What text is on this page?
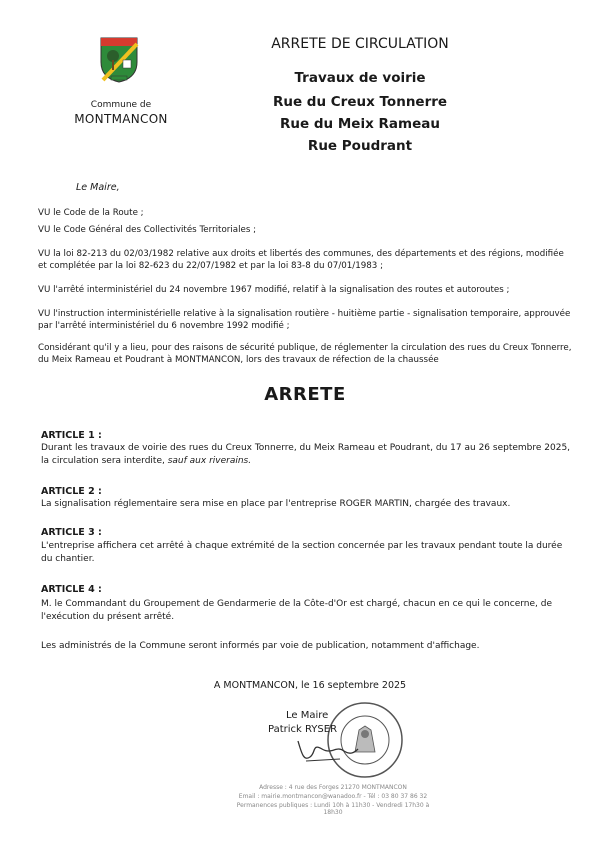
Commune de
MONTMANCON
ARRETE DE CIRCULATION
Travaux de voirie
Rue du Creux Tonnerre
Rue du Meix Rameau
Rue Poudrant
Le Maire,
VU le Code de la Route ;
VU le Code Général des Collectivités Territoriales ;
VU la loi 82-213 du 02/03/1982 relative aux droits et libertés des communes, des départements et des régions, modifiée et complétée par la loi 82-623 du 22/07/1982 et par la loi 83-8 du 07/01/1983 ;
VU l'arrêté interministériel du 24 novembre 1967 modifié, relatif à la signalisation des routes et autoroutes ;
VU l'instruction interministérielle relative à la signalisation routière - huitième partie - signalisation temporaire, approuvée par l'arrêté interministériel du 6 novembre 1992 modifié ;
Considérant qu'il y a lieu, pour des raisons de sécurité publique, de réglementer la circulation des rues du Creux Tonnerre, du Meix Rameau et Poudrant à MONTMANCON, lors des travaux de réfection de la chaussée
ARRETE
ARTICLE 1 :
Durant les travaux de voirie des rues du Creux Tonnerre, du Meix Rameau et Poudrant, du 17 au 26 septembre 2025, la circulation sera interdite, sauf aux riverains.
ARTICLE 2 :
La signalisation réglementaire sera mise en place par l'entreprise ROGER MARTIN, chargée des travaux.
ARTICLE 3 :
L'entreprise affichera cet arrêté à chaque extrémité de la section concernée par les travaux pendant toute la durée du chantier.
ARTICLE 4 :
M. le Commandant du Groupement de Gendarmerie de la Côte-d'Or est chargé, chacun en ce qui le concerne, de l'exécution du présent arrêté.
Les administrés de la Commune seront informés par voie de publication, notamment d'affichage.
A MONTMANCON, le 16 septembre 2025
Le Maire
Patrick RYSER
Adresse : 4 rue des Forges 21270 MONTMANCON
Email : mairie.montmancon@wanadoo.fr - Tél : 03 80 37 86 32
Permanences publiques : Lundi 10h à 11h30 - Vendredi 17h30 à 18h30
